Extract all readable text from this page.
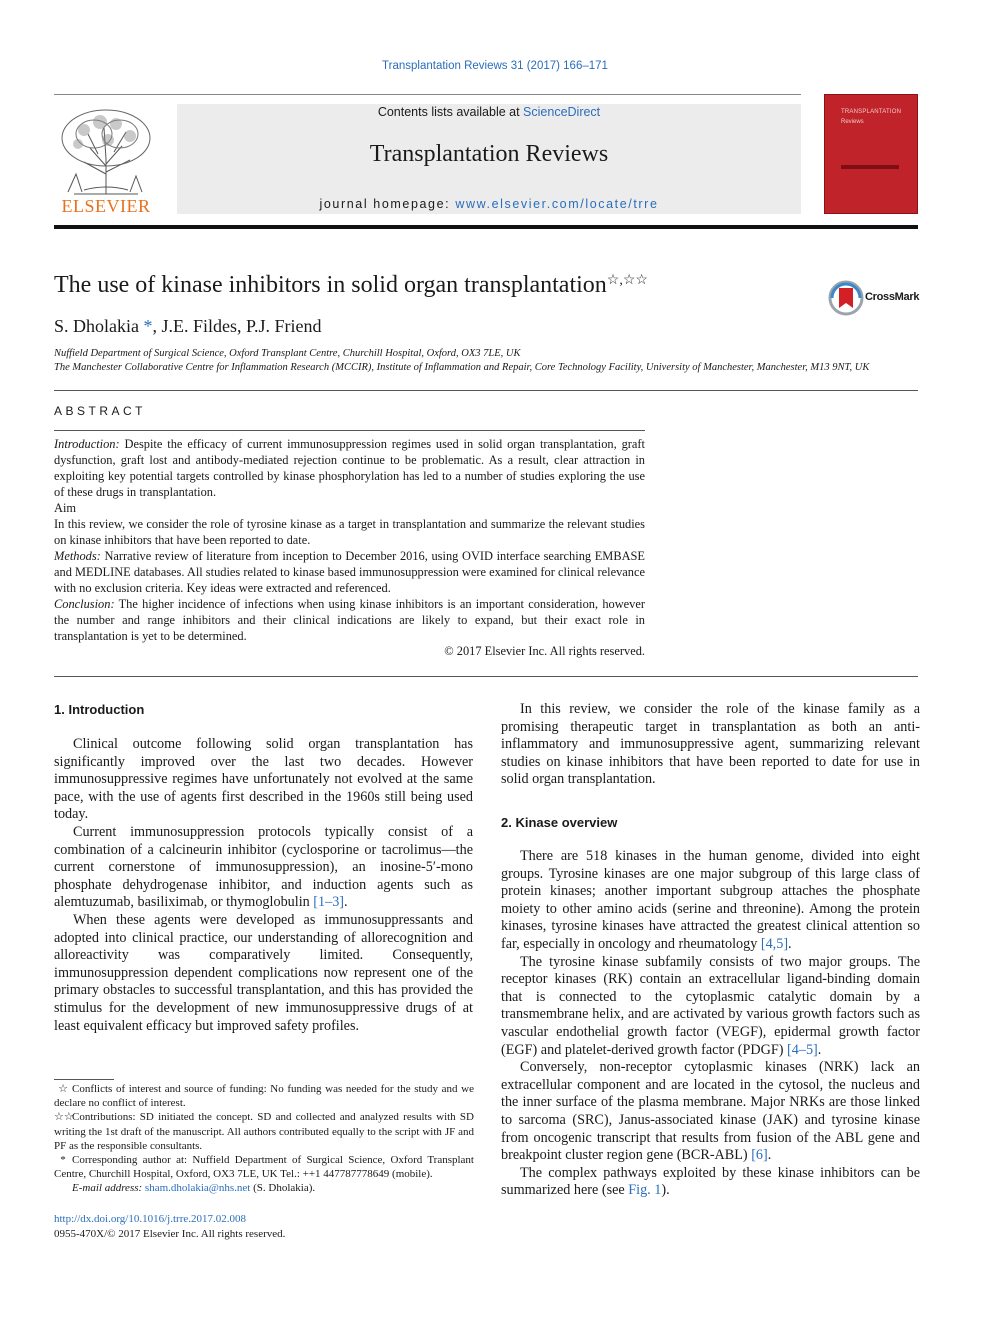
Transplantation Reviews 31 (2017) 166–171
ELSEVIER
Contents lists available at ScienceDirect
Transplantation Reviews
journal homepage: www.elsevier.com/locate/trre
TRANSPLANTATION
Reviews
The use of kinase inhibitors in solid organ transplantation☆,☆☆
CrossMark
S. Dholakia *, J.E. Fildes, P.J. Friend
Nuffield Department of Surgical Science, Oxford Transplant Centre, Churchill Hospital, Oxford, OX3 7LE, UK
The Manchester Collaborative Centre for Inflammation Research (MCCIR), Institute of Inflammation and Repair, Core Technology Facility, University of Manchester, Manchester, M13 9NT, UK
ABSTRACT

Introduction: Despite the efficacy of current immunosuppression regimes used in solid organ transplantation, graft dysfunction, graft lost and antibody-mediated rejection continue to be problematic. As a result, clear attraction in exploiting key potential targets controlled by kinase phosphorylation has led to a number of studies exploring the use of these drugs in transplantation.

Aim

In this review, we consider the role of tyrosine kinase as a target in transplantation and summarize the relevant studies on kinase inhibitors that have been reported to date.

Methods: Narrative review of literature from inception to December 2016, using OVID interface searching EMBASE and MEDLINE databases. All studies related to kinase based immunosuppression were examined for clinical relevance with no exclusion criteria. Key ideas were extracted and referenced.

Conclusion: The higher incidence of infections when using kinase inhibitors is an important consideration, however the number and range inhibitors and their clinical indications are likely to expand, but their exact role in transplantation is yet to be determined.

© 2017 Elsevier Inc. All rights reserved.
1. Introduction

Clinical outcome following solid organ transplantation has significantly improved over the last two decades. However immunosuppressive regimes have unfortunately not evolved at the same pace, with the use of agents first described in the 1960s still being used today.

Current immunosuppression protocols typically consist of a combination of a calcineurin inhibitor (cyclosporine or tacrolimus—the current cornerstone of immunosuppression), an inosine-5′-mono phosphate dehydrogenase inhibitor, and induction agents such as alemtuzumab, basiliximab, or thymoglobulin [1–3].

When these agents were developed as immunosuppressants and adopted into clinical practice, our understanding of allorecognition and alloreactivity was comparatively limited. Consequently, immunosuppression dependent complications now represent one of the primary obstacles to successful transplantation, and this has provided the stimulus for the development of new immunosuppressive drugs of at least equivalent efficacy but improved safety profiles.

In this review, we consider the role of the kinase family as a promising therapeutic target in transplantation as both an anti-inflammatory and immunosuppressive agent, summarizing relevant studies on kinase inhibitors that have been reported to date for use in solid organ transplantation.

2. Kinase overview

There are 518 kinases in the human genome, divided into eight groups. Tyrosine kinases are one major subgroup of this large class of protein kinases; another important subgroup attaches the phosphate moiety to other amino acids (serine and threonine). Among the protein kinases, tyrosine kinases have attracted the greatest clinical attention so far, especially in oncology and rheumatology [4,5].

The tyrosine kinase subfamily consists of two major groups. The receptor kinases (RK) contain an extracellular ligand-binding domain that is connected to the cytoplasmic catalytic domain by a transmembrane helix, and are activated by various growth factors such as vascular endothelial growth factor (VEGF), epidermal growth factor (EGF) and platelet-derived growth factor (PDGF) [4–5].

Conversely, non-receptor cytoplasmic kinases (NRK) lack an extracellular component and are located in the cytosol, the nucleus and the inner surface of the plasma membrane. Major NRKs are those linked to sarcoma (SRC), Janus-associated kinase (JAK) and tyrosine kinase from oncogenic transcript that results from fusion of the ABL gene and breakpoint cluster region gene (BCR-ABL) [6].

The complex pathways exploited by these kinase inhibitors can be summarized here (see Fig. 1).

☆ Conflicts of interest and source of funding: No funding was needed for the study and we declare no conflict of interest.

☆☆Contributions: SD initiated the concept. SD and collected and analyzed results with SD writing the 1st draft of the manuscript. All authors contributed equally to the script with JF and PF as the responsible consultants.

* Corresponding author at: Nuffield Department of Surgical Science, Oxford Transplant Centre, Churchill Hospital, Oxford, OX3 7LE, UK Tel.: ++1 447787778649 (mobile).

E-mail address: sham.dholakia@nhs.net (S. Dholakia).

http://dx.doi.org/10.1016/j.trre.2017.02.008
0955-470X/© 2017 Elsevier Inc. All rights reserved.
